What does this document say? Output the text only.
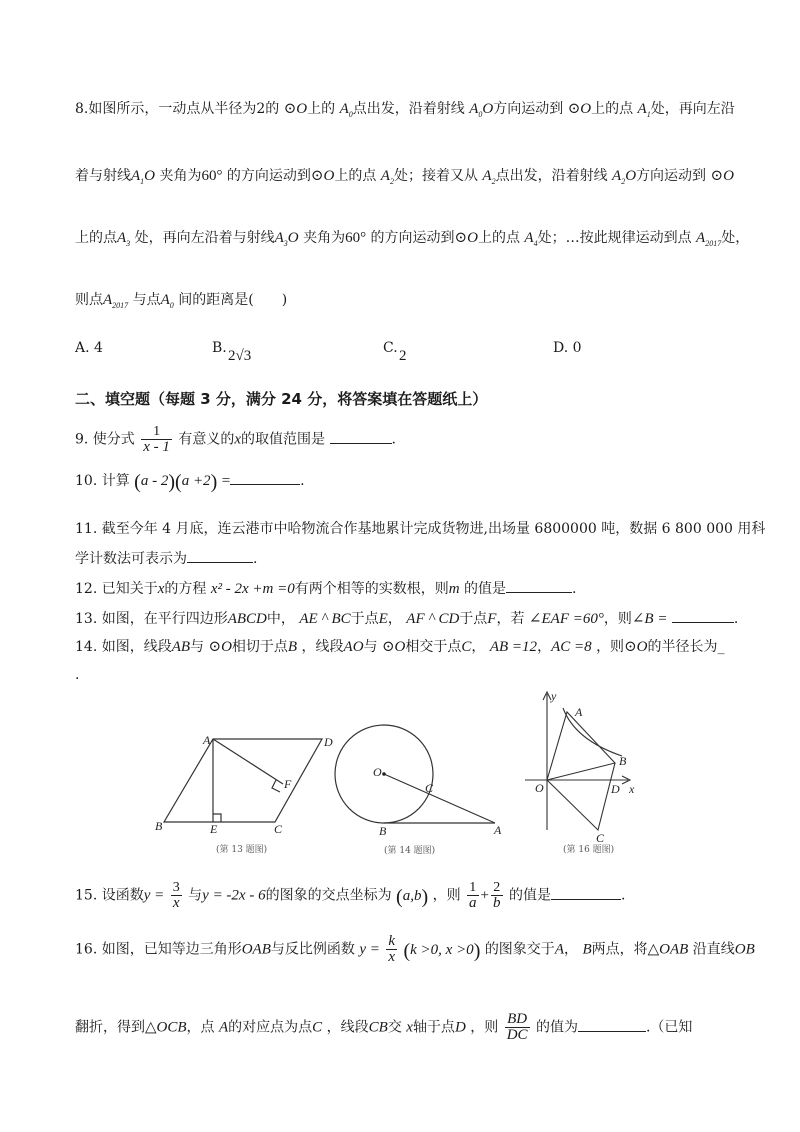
8.如图所示，一动点从半径为2的 ⊙O上的 $A_0$点出发，沿着射线 $A_0O$方向运动到 ⊙O上的点 $A_1$处，再向左沿
着与射线$A_1O$ 夹角为60° 的方向运动到⊙O上的点 $A_2$处；接着又从 $A_2$点出发，沿着射线 $A_2O$方向运动到 ⊙O
上的点$A_3$ 处，再向左沿着与射线$A_3O$ 夹角为60° 的方向运动到⊙O上的点 $A_4$处；…按此规律运动到点 $A_{2017}$处，
则点$A_{2017}$ 与点$A_0$ 间的距离是(　　)
A. 4	B. 2√3	C. 2	D. 0
二、填空题（每题 3 分，满分 24 分，将答案填在答题纸上）
9. 使分式 $\frac{1}{x - 1}$ 有意义的x的取值范围是	.
10. 计算 (a - 2)(a +2) =	.
11. 截至今年 4 月底，连云港市中哈物流合作基地累计完成货物进,出场量 6800000 吨，数据 6 800 000 用科
学计数法可表示为	.
12. 已知关于x的方程 x² - 2x +m =0有两个相等的实数根，则m 的值是	.
13. 如图，在平行四边形ABCD中， AE ^ BC于点E， AF ^ CD于点F，若 ∠EAF =60°，则∠B =	.
14. 如图，线段AB与 ⊙O相切于点B ，线段AO与 ⊙O相交于点C， AB =12，AC =8 ，则⊙O的半径长为_
.
A	D
B	E	C
F
(第 13 题图)
O
C
B	A
(第 14 题图)
y
A
B
O	D x
C
(第 16 题图)
15. 设函数$y = \frac{3}{x}$ 与y = -2x - 6的图象的交点坐标为 (a,b) ，则 $\frac{1}{a} + \frac{2}{b}$ 的值是	.
16. 如图，已知等边三角形OAB与反比例函数 $y = \frac{k}{x} (k >0$, x >0) 的图象交于A， B两点，将△OAB 沿直线OB
翻折，得到△OCB，点 A的对应点为点C ，线段CB交 x轴于点D ，则 $\frac{BD}{DC}$ 的值为	.（已知
